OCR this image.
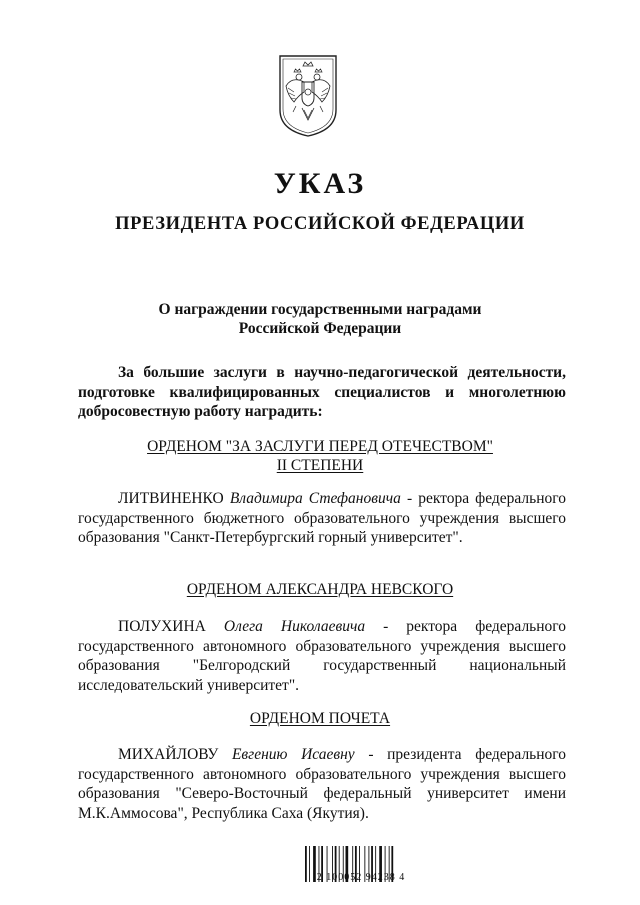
УКАЗ
ПРЕЗИДЕНТА РОССИЙСКОЙ ФЕДЕРАЦИИ
О награждении государственными наградами
Российской Федерации
За большие заслуги в научно-педагогической деятельности, подготовке квалифицированных специалистов и многолетнюю добросовестную работу наградить:
ОРДЕНОМ "ЗА ЗАСЛУГИ ПЕРЕД ОТЕЧЕСТВОМ"
II СТЕПЕНИ
ЛИТВИНЕНКО Владимира Стефановича - ректора федерального государственного бюджетного образовательного учреждения высшего образования "Санкт-Петербургский горный университет".
ОРДЕНОМ АЛЕКСАНДРА НЕВСКОГО
ПОЛУХИНА Олега Николаевича - ректора федерального государственного автономного образовательного учреждения высшего образования "Белгородский государственный национальный исследовательский университет".
ОРДЕНОМ ПОЧЕТА
МИХАЙЛОВУ Евгению Исаевну - президента федерального государственного автономного образовательного учреждения высшего образования "Северо-Восточный федеральный университет имени М.К.Аммосова", Республика Саха (Якутия).
2 100052 94238 4
